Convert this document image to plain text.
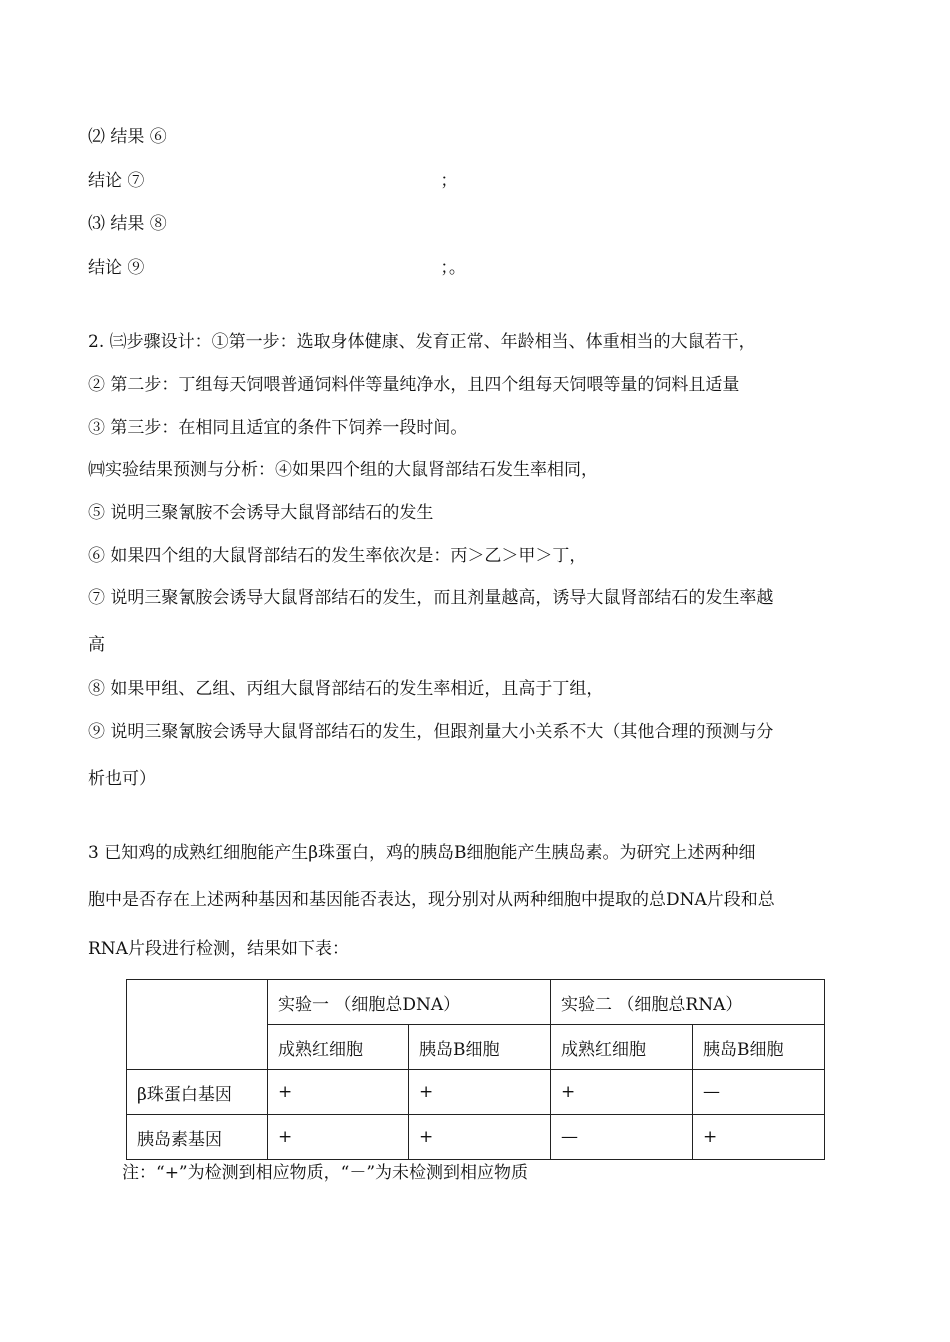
⑵ 结果 ⑥
结论 ⑦	；
⑶ 结果 ⑧
结论 ⑨	；。
2. ㈢步骤设计：①第一步：选取身体健康、发育正常、年龄相当、体重相当的大鼠若干，
② 第二步：丁组每天饲喂普通饲料伴等量纯净水，且四个组每天饲喂等量的饲料且适量
③ 第三步：在相同且适宜的条件下饲养一段时间。
㈣实验结果预测与分析：④如果四个组的大鼠肾部结石发生率相同，
⑤ 说明三聚氰胺不会诱导大鼠肾部结石的发生
⑥ 如果四个组的大鼠肾部结石的发生率依次是：丙＞乙＞甲＞丁，
⑦ 说明三聚氰胺会诱导大鼠肾部结石的发生，而且剂量越高，诱导大鼠肾部结石的发生率越
高
⑧ 如果甲组、乙组、丙组大鼠肾部结石的发生率相近，且高于丁组，
⑨ 说明三聚氰胺会诱导大鼠肾部结石的发生，但跟剂量大小关系不大（其他合理的预测与分
析也可）
3 已知鸡的成熟红细胞能产生β珠蛋白，鸡的胰岛B细胞能产生胰岛素。为研究上述两种细
胞中是否存在上述两种基因和基因能否表达，现分别对从两种细胞中提取的总DNA片段和总
RNA片段进行检测，结果如下表：
	实验一 （细胞总DNA）		实验二 （细胞总RNA）	
	成熟红细胞	胰岛B细胞	成熟红细胞	胰岛B细胞
β珠蛋白基因	+	+	+	—
胰岛素基因	+	+	—	+
注：“+”为检测到相应物质，“－”为未检测到相应物质
